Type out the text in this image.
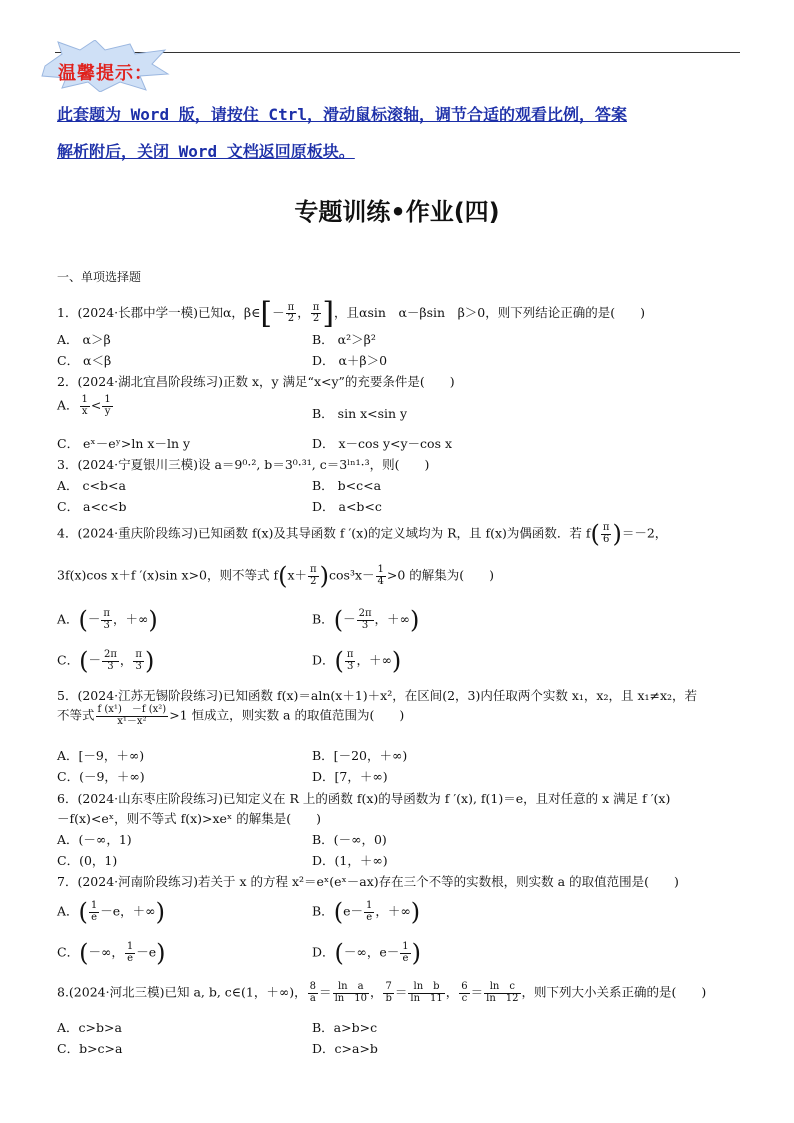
温馨提示：
此套题为 Word 版，请按住 Ctrl，滑动鼠标滚轴，调节合适的观看比例，答案
解析附后，关闭 Word 文档返回原板块。
专题训练•作业(四)
一、单项选择题
1．(2024·长郡中学一模)已知α，β∈[－ $\frac{\pi}{2}$ ， $\frac{\pi}{2}$ ]，且αsin　α－βsin　β＞0，则下列结论正确的是(　　)
A． α＞β	B． α²＞β²
C． α＜β	D． α＋β＞0
2．(2024·湖北宜昌阶段练习)正数 x，y 满足“x<y”的充要条件是(　　)
A． $\frac{1}{x} < \frac{1}{y}$	B． sin x<sin y
C． eˣ－eʸ>ln x－ln y	D． x－cos y<y－cos x
3．(2024·宁夏银川三模)设 a＝9⁰·², b＝3⁰·³¹, c＝3ˡⁿ¹·³，则(　　)
A． c<b<a	B． b<c<a
C． a<c<b	D． a<b<c
4．(2024·重庆阶段练习)已知函数 f(x)及其导函数 f ′(x)的定义域均为 R，且 f(x)为偶函数．若 $f( \frac{\pi}{6} )=-2$，
3f(x)cos x＋f ′(x)sin x>0，则不等式 $f(x+ \frac{\pi}{2} )\cos^3x- \frac{1}{4} >0$ 的解集为(　　)
A．(－ $\frac{\pi}{3}$ ，＋∞)	B．(－ $\frac{2\pi}{3}$ ，＋∞)
C．(－ $\frac{2\pi}{3}$ ， $\frac{\pi}{3}$ )	D．( $\frac{\pi}{3}$ ，＋∞)
5．(2024·江苏无锡阶段练习)已知函数 f(x)＝aln(x＋1)＋x²，在区间(2，3)内任取两个实数 x₁，x₂，且 x₁≠x₂，若
不等式 $\frac{\text{f (x¹)　－f (x²)}}{\text{x¹－x²}} >1$ 恒成立，则实数 a 的取值范围为(　　)
A．[－9，＋∞)	B．[－20，＋∞)
C．(－9，＋∞)	D．[7，＋∞)
6．(2024·山东枣庄阶段练习)已知定义在 R 上的函数 f(x)的导函数为 f ′(x), f(1)＝e，且对任意的 x 满足 f ′(x)
－f(x)<eˣ，则不等式 f(x)>xeˣ 的解集是(　　)
A．(－∞，1)	B．(－∞，0)
C．(0，1)	D．(1，＋∞)
7．(2024·河南阶段练习)若关于 x 的方程 x²＝eˣ(eˣ－ax)存在三个不等的实数根，则实数 a 的取值范围是(　　)
A．( $\frac{1}{e} -e$，＋∞)	B．($e- \frac{1}{e}$ ，＋∞)
C．(－∞， $\frac{1}{e} -e$)	D．(－∞，$e- \frac{1}{e}$ )
8.(2024·河北三模)已知 a, b, c∈(1，＋∞)， $\frac{8}{a} = \frac{\text{ln　a}}{\ln 10}$ ， $\frac{7}{b} = \frac{\text{ln　b}}{\ln 11}$ ， $\frac{6}{c} = \frac{\text{ln　c}}{\ln 12}$ ，则下列大小关系正确的是(　　)
A．c>b>a	B．a>b>c
C．b>c>a	D．c>a>b
